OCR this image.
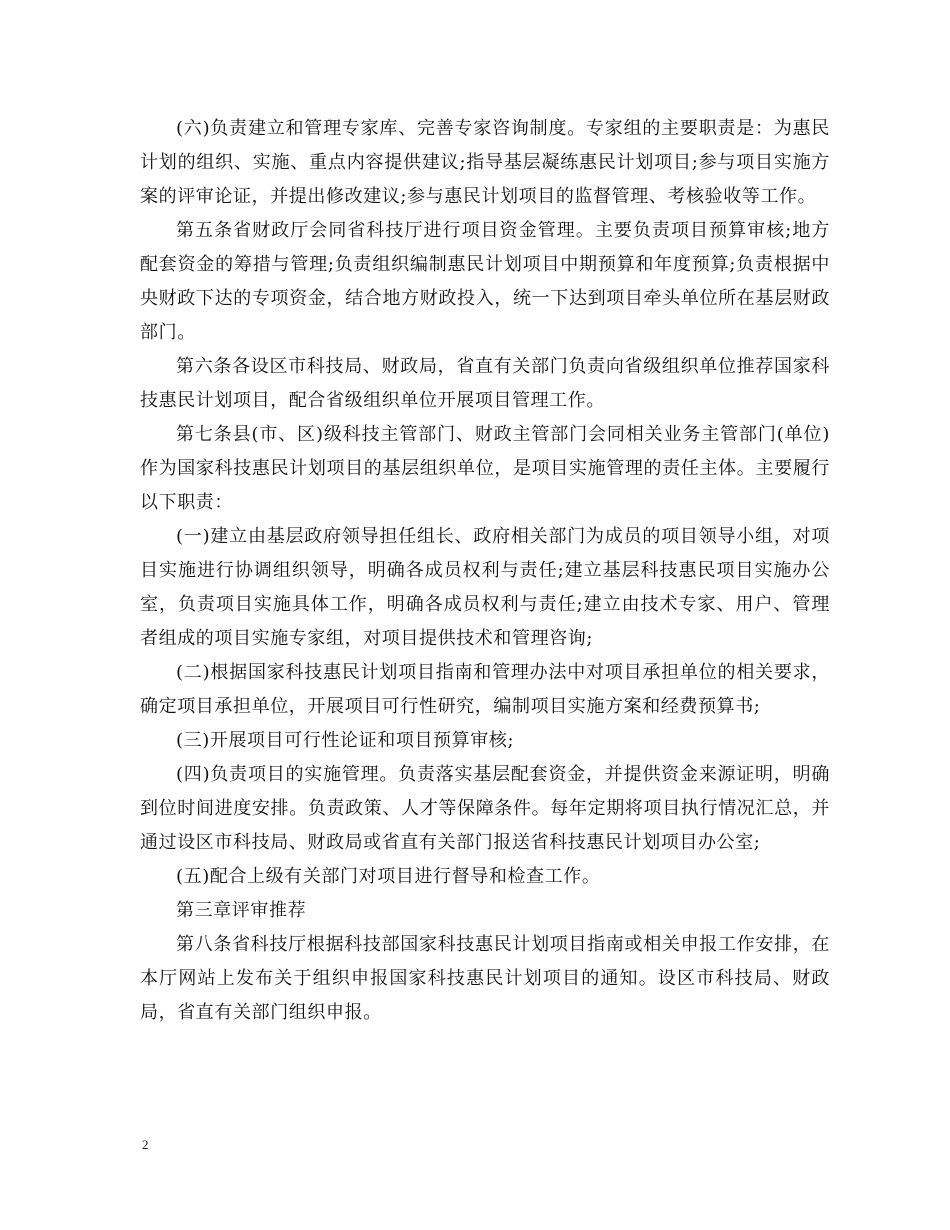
(六)负责建立和管理专家库、完善专家咨询制度。专家组的主要职责是：为惠民计划的组织、实施、重点内容提供建议;指导基层凝练惠民计划项目;参与项目实施方案的评审论证，并提出修改建议;参与惠民计划项目的监督管理、考核验收等工作。

第五条省财政厅会同省科技厅进行项目资金管理。主要负责项目预算审核;地方配套资金的筹措与管理;负责组织编制惠民计划项目中期预算和年度预算;负责根据中央财政下达的专项资金，结合地方财政投入，统一下达到项目牵头单位所在基层财政部门。

第六条各设区市科技局、财政局，省直有关部门负责向省级组织单位推荐国家科技惠民计划项目，配合省级组织单位开展项目管理工作。

第七条县(市、区)级科技主管部门、财政主管部门会同相关业务主管部门(单位)作为国家科技惠民计划项目的基层组织单位，是项目实施管理的责任主体。主要履行以下职责：

(一)建立由基层政府领导担任组长、政府相关部门为成员的项目领导小组，对项目实施进行协调组织领导，明确各成员权利与责任;建立基层科技惠民项目实施办公室，负责项目实施具体工作，明确各成员权利与责任;建立由技术专家、用户、管理者组成的项目实施专家组，对项目提供技术和管理咨询;

(二)根据国家科技惠民计划项目指南和管理办法中对项目承担单位的相关要求，确定项目承担单位，开展项目可行性研究，编制项目实施方案和经费预算书;

(三)开展项目可行性论证和项目预算审核;

(四)负责项目的实施管理。负责落实基层配套资金，并提供资金来源证明，明确到位时间进度安排。负责政策、人才等保障条件。每年定期将项目执行情况汇总，并通过设区市科技局、财政局或省直有关部门报送省科技惠民计划项目办公室;

(五)配合上级有关部门对项目进行督导和检查工作。

第三章评审推荐

第八条省科技厅根据科技部国家科技惠民计划项目指南或相关申报工作安排，在本厅网站上发布关于组织申报国家科技惠民计划项目的通知。设区市科技局、财政局，省直有关部门组织申报。

2
